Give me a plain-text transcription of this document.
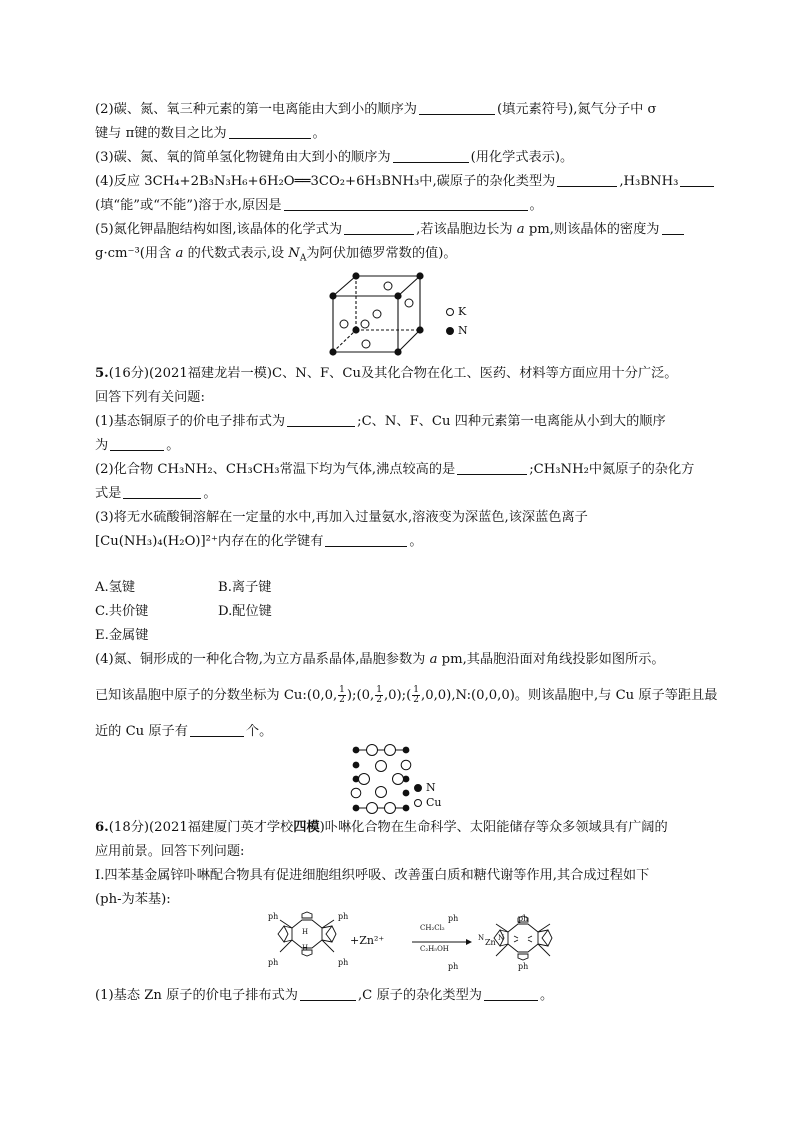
(2)碳、氮、氧三种元素的第一电离能由大到小的顺序为	(填元素符号),氮气分子中 σ
键与 π键的数目之比为	。
(3)碳、氮、氧的简单氢化物键角由大到小的顺序为	(用化学式表示)。
(4)反应 3CH₄+2B₃N₃H₆+6H₂O══3CO₂+6H₃BNH₃中,碳原子的杂化类型为	,H₃BNH₃
(填“能”或“不能”)溶于水,原因是	。
(5)氮化钾晶胞结构如图,该晶体的化学式为	,若该晶胞边长为 a pm,则该晶体的密度为
g·cm⁻³(用含 a 的代数式表示,设 $N_A$为阿伏加德罗常数的值)。
K
N
5.(16分)(2021福建龙岩一模)C、N、F、Cu及其化合物在化工、医药、材料等方面应用十分广泛。
回答下列有关问题:
(1)基态铜原子的价电子排布式为	;C、N、F、Cu 四种元素第一电离能从小到大的顺序
为	。
(2)化合物 CH₃NH₂、CH₃CH₃常温下均为气体,沸点较高的是	;CH₃NH₂中氮原子的杂化方
式是	。
(3)将无水硫酸铜溶解在一定量的水中,再加入过量氨水,溶液变为深蓝色,该深蓝色离子
[Cu(NH₃)₄(H₂O)]²⁺内存在的化学键有	。
A.氢键	B.离子键
C.共价键	D.配位键
E.金属键
(4)氮、铜形成的一种化合物,为立方晶系晶体,晶胞参数为 a pm,其晶胞沿面对角线投影如图所示。
已知该晶胞中原子的分数坐标为 Cu:(0,0, $\frac{1}{2}$ );(0, $\frac{1}{2}$ ,0);( $\frac{1}{2}$ ,0,0),N:(0,0,0)。则该晶胞中,与 Cu 原子等距且最
近的 Cu 原子有	个。
N
Cu
6.(18分)(2021福建厦门英才学校四模)卟啉化合物在生命科学、太阳能储存等众多领域具有广阔的
应用前景。回答下列问题:
Ⅰ.四苯基金属锌卟啉配合物具有促进细胞组织呼吸、改善蛋白质和糖代谢等作用,其合成过程如下
(ph-为苯基):
ph	ph
ph	ph
H
H
+Zn²⁺
CH₂Cl₂
C₂H₅OH
ph	ph
ph	ph
N N
Zn
(1)基态 Zn 原子的价电子排布式为	,C 原子的杂化类型为	。
